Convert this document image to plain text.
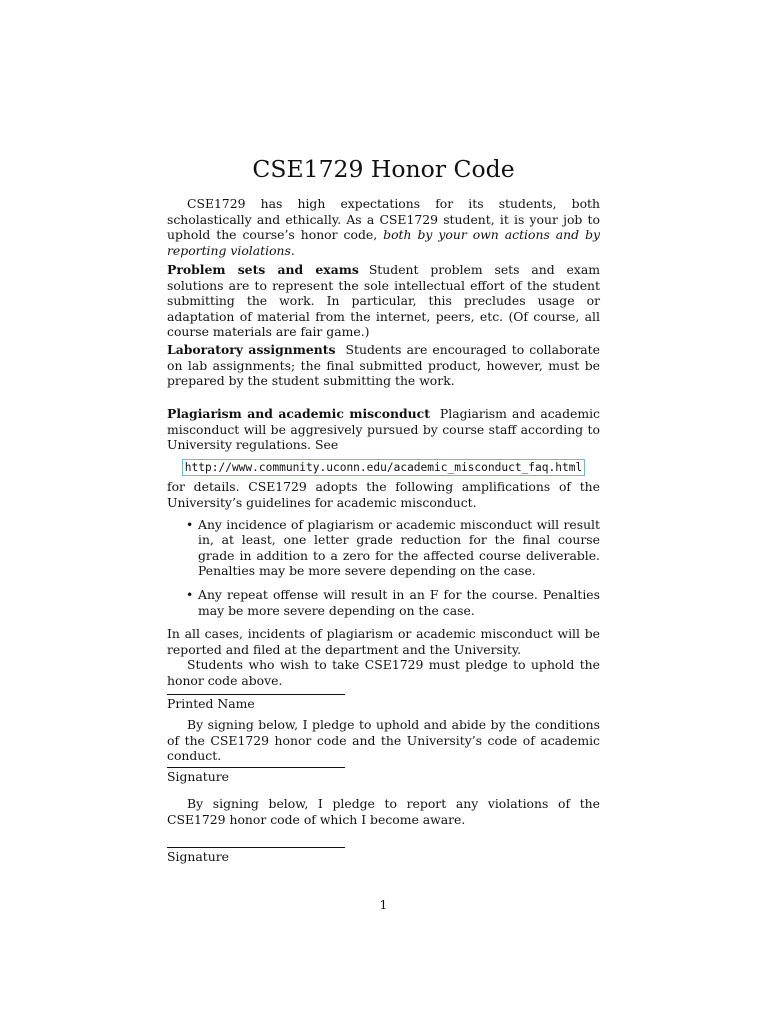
CSE1729 Honor Code

CSE1729 has high expectations for its students, both scholastically and ethically. As a CSE1729 student, it is your job to uphold the course’s honor code, both by your own actions and by reporting violations.

Problem sets and exams Student problem sets and exam solutions are to represent the sole intellectual effort of the student submitting the work. In particular, this precludes usage or adaptation of material from the internet, peers, etc. (Of course, all course materials are fair game.)

Laboratory assignments Students are encouraged to collaborate on lab assignments; the final submitted product, however, must be prepared by the student submitting the work.

Plagiarism and academic misconduct Plagiarism and academic misconduct will be aggresively pursued by course staff according to University regulations. See

http://www.community.uconn.edu/academic_misconduct_faq.html

for details. CSE1729 adopts the following amplifications of the University’s guidelines for academic misconduct.

• Any incidence of plagiarism or academic misconduct will result in, at least, one letter grade reduction for the final course grade in addition to a zero for the affected course deliverable. Penalties may be more severe depending on the case.
• Any repeat offense will result in an F for the course. Penalties may be more severe depending on the case.

In all cases, incidents of plagiarism or academic misconduct will be reported and filed at the department and the University.

Students who wish to take CSE1729 must pledge to uphold the honor code above.

Printed Name

By signing below, I pledge to uphold and abide by the conditions of the CSE1729 honor code and the University’s code of academic conduct.

Signature

By signing below, I pledge to report any violations of the CSE1729 honor code of which I become aware.

Signature
1
